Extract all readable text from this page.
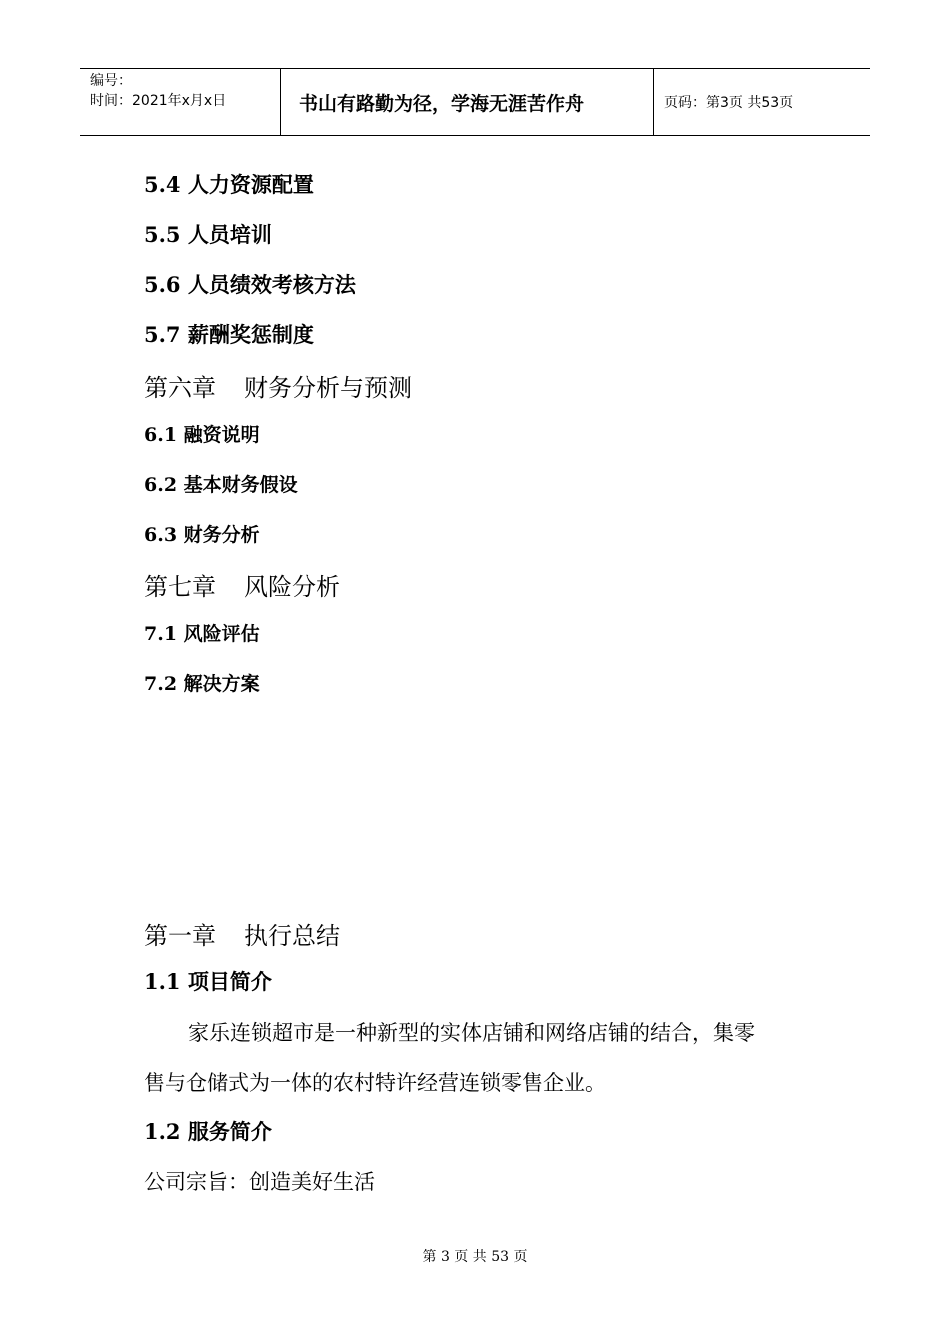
编号：
时间：2021年x月x日	书山有路勤为径，学海无涯苦作舟	页码：第3页 共53页
5.4 人力资源配置
5.5 人员培训
5.6 人员绩效考核方法
5.7 薪酬奖惩制度
第六章 财务分析与预测
6.1 融资说明
6.2 基本财务假设
6.3 财务分析
第七章 风险分析
7.1 风险评估
7.2 解决方案
第一章 执行总结
1.1 项目简介
家乐连锁超市是一种新型的实体店铺和网络店铺的结合，集零
售与仓储式为一体的农村特许经营连锁零售企业。
1.2 服务简介
公司宗旨：创造美好生活
第 3 页 共 53 页
